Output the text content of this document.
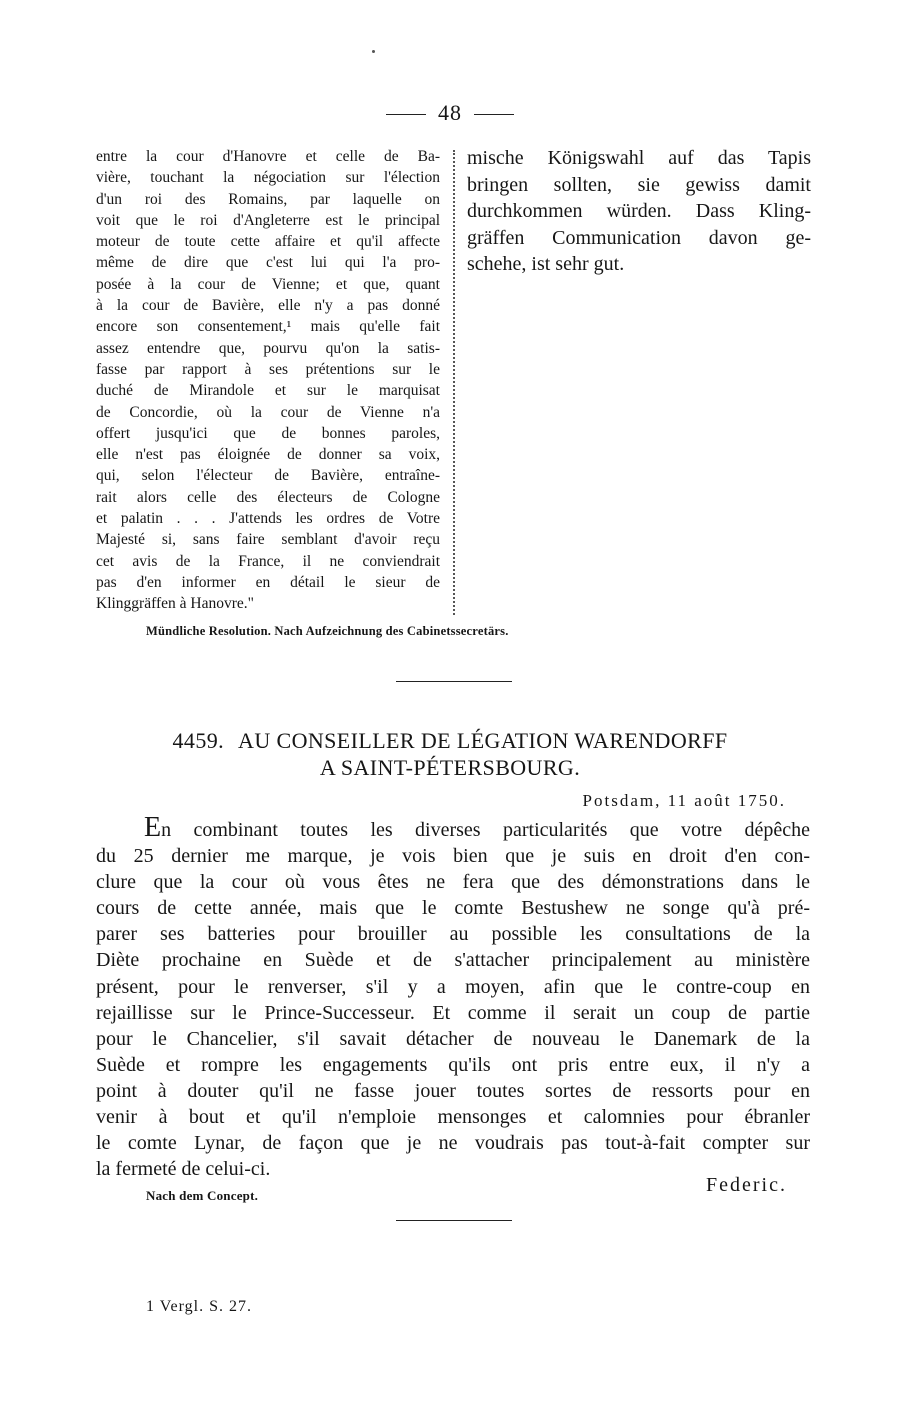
48
entre la cour d'Hanovre et celle de Ba-
vière, touchant la négociation sur l'élection
d'un roi des Romains, par laquelle on
voit que le roi d'Angleterre est le principal
moteur de toute cette affaire et qu'il affecte
même de dire que c'est lui qui l'a pro-
posée à la cour de Vienne; et que, quant
à la cour de Bavière, elle n'y a pas donné
encore son consentement,¹ mais qu'elle fait
assez entendre que, pourvu qu'on la satis-
fasse par rapport à ses prétentions sur le
duché de Mirandole et sur le marquisat
de Concordie, où la cour de Vienne n'a
offert jusqu'ici que de bonnes paroles,
elle n'est pas éloignée de donner sa voix,
qui, selon l'électeur de Bavière, entraîne-
rait alors celle des électeurs de Cologne
et palatin . . . J'attends les ordres de Votre
Majesté si, sans faire semblant d'avoir reçu
cet avis de la France, il ne conviendrait
pas d'en informer en détail le sieur de
Klinggräffen à Hanovre."
mische Königswahl auf das Tapis
bringen sollten, sie gewiss damit
durchkommen würden. Dass Kling-
gräffen Communication davon ge-
schehe, ist sehr gut.
Mündliche Resolution. Nach Aufzeichnung des Cabinetssecretärs.
4459. AU CONSEILLER DE LÉGATION WARENDORFF
A SAINT-PÉTERSBOURG.
Potsdam, 11 août 1750.
En combinant toutes les diverses particularités que votre dépêche
du 25 dernier me marque, je vois bien que je suis en droit d'en con-
clure que la cour où vous êtes ne fera que des démonstrations dans le
cours de cette année, mais que le comte Bestushew ne songe qu'à pré-
parer ses batteries pour brouiller au possible les consultations de la
Diète prochaine en Suède et de s'attacher principalement au ministère
présent, pour le renverser, s'il y a moyen, afin que le contre-coup en
rejaillisse sur le Prince-Successeur. Et comme il serait un coup de partie
pour le Chancelier, s'il savait détacher de nouveau le Danemark de la
Suède et rompre les engagements qu'ils ont pris entre eux, il n'y a
point à douter qu'il ne fasse jouer toutes sortes de ressorts pour en
venir à bout et qu'il n'emploie mensonges et calomnies pour ébranler
le comte Lynar, de façon que je ne voudrais pas tout-à-fait compter sur
la fermeté de celui-ci.
Federic.
Nach dem Concept.
1 Vergl. S. 27.
